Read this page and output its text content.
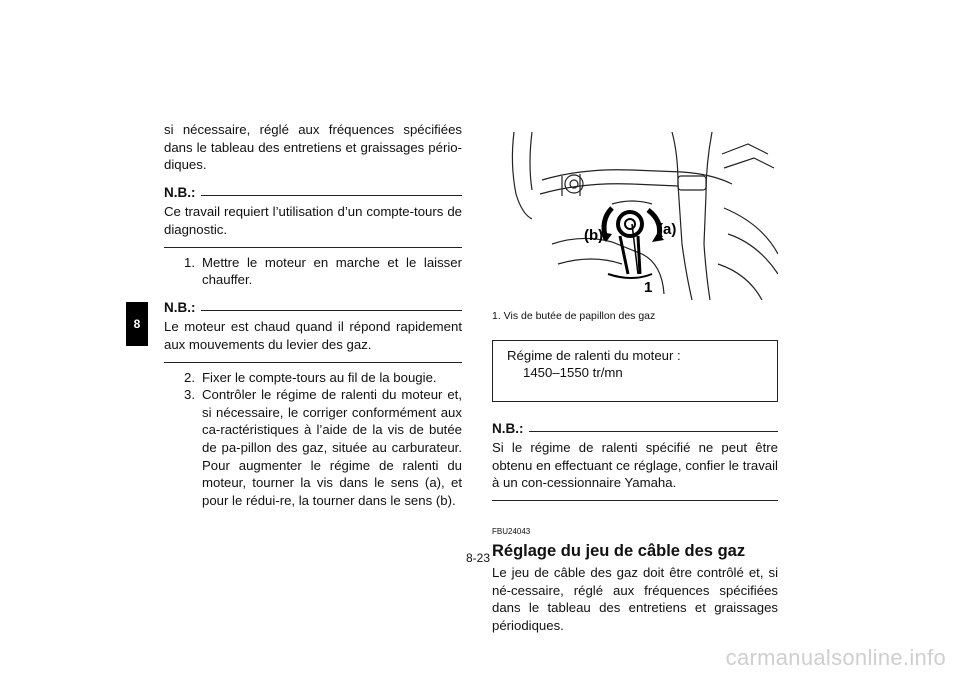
8

si nécessaire, réglé aux fréquences spécifiées dans le tableau des entretiens et graissages pério-diques.

N.B.:

Ce travail requiert l’utilisation d’un compte-tours de diagnostic.

1. Mettre le moteur en marche et le laisser chauffer.
N.B.:

Le moteur est chaud quand il répond rapidement aux mouvements du levier des gaz.

2. Fixer le compte-tours au fil de la bougie.
3. Contrôler le régime de ralenti du moteur et, si nécessaire, le corriger conformément aux ca-ractéristiques à l’aide de la vis de butée de pa-pillon des gaz, située au carburateur. Pour augmenter le régime de ralenti du moteur, tourner la vis dans le sens (a), et pour le rédui-re, la tourner dans le sens (b).
(a)
(b)
1
1. Vis de butée de papillon des gaz
Régime de ralenti du moteur :
1450–1550 tr/mn
N.B.:

Si le régime de ralenti spécifié ne peut être obtenu en effectuant ce réglage, confier le travail à un con-cessionnaire Yamaha.

FBU24043
Réglage du jeu de câble des gaz

Le jeu de câble des gaz doit être contrôlé et, si né-cessaire, réglé aux fréquences spécifiées dans le tableau des entretiens et graissages périodiques.

8-23
carmanualsonline.info
